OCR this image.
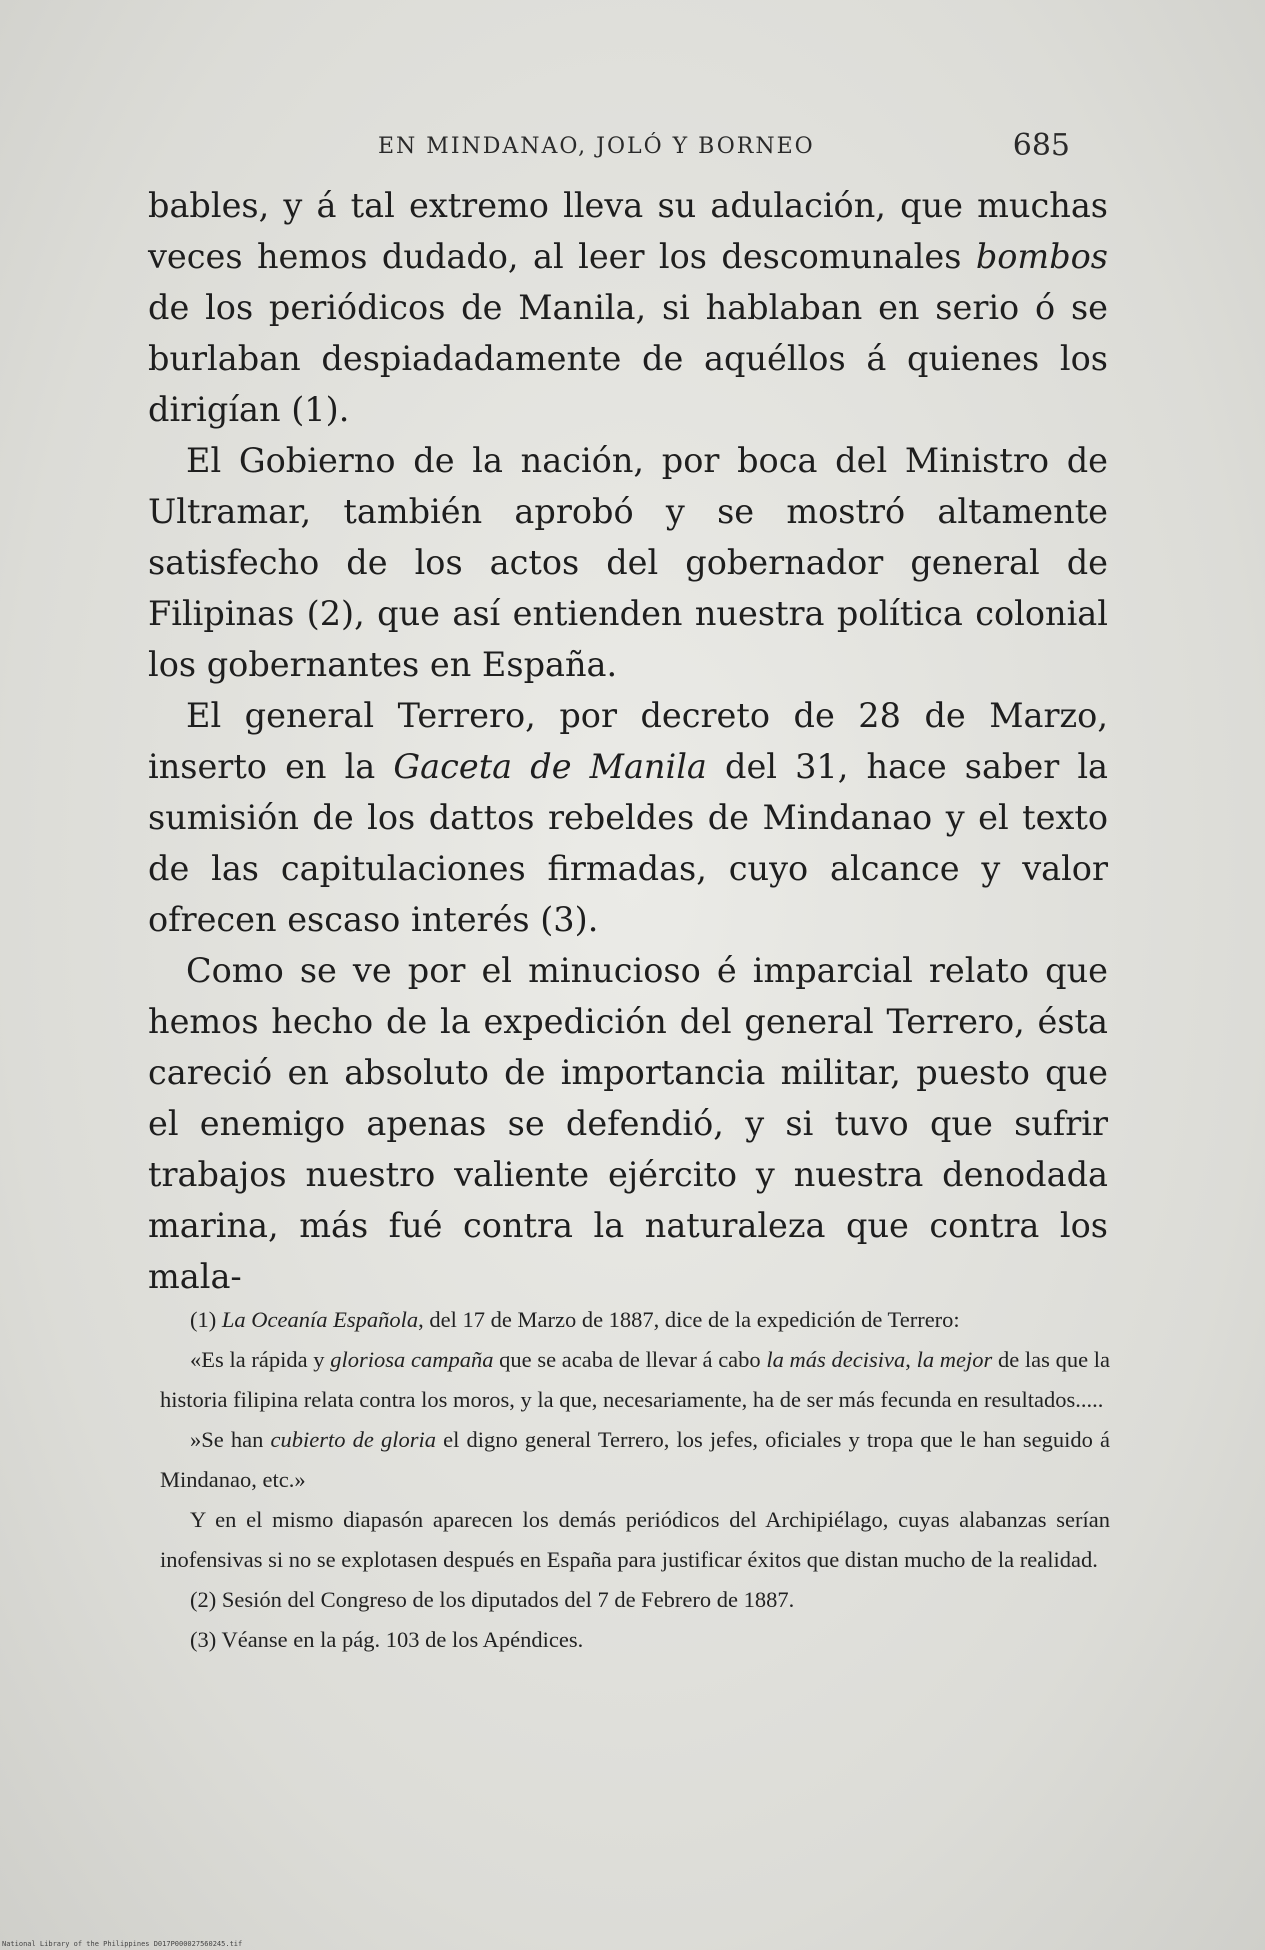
EN MINDANAO, JOLÓ Y BORNEO	685

bables, y á tal extremo lleva su adulación, que muchas veces hemos dudado, al leer los descomunales bombos de los periódicos de Manila, si hablaban en serio ó se burlaban despiadadamente de aquéllos á quienes los dirigían (1).

El Gobierno de la nación, por boca del Ministro de Ultramar, también aprobó y se mostró altamente satisfecho de los actos del gobernador general de Filipinas (2), que así entienden nuestra política colonial los gobernantes en España.

El general Terrero, por decreto de 28 de Marzo, inserto en la Gaceta de Manila del 31, hace saber la sumisión de los dattos rebeldes de Mindanao y el texto de las capitulaciones firmadas, cuyo alcance y valor ofrecen escaso interés (3).

Como se ve por el minucioso é imparcial relato que hemos hecho de la expedición del general Terrero, ésta careció en absoluto de importancia militar, puesto que el enemigo apenas se defendió, y si tuvo que sufrir trabajos nuestro valiente ejército y nuestra denodada marina, más fué contra la naturaleza que contra los mala-

(1) La Oceanía Española, del 17 de Marzo de 1887, dice de la expedición de Terrero:

«Es la rápida y gloriosa campaña que se acaba de llevar á cabo la más decisiva, la mejor de las que la historia filipina relata contra los moros, y la que, necesariamente, ha de ser más fecunda en resultados.....

»Se han cubierto de gloria el digno general Terrero, los jefes, oficiales y tropa que le han seguido á Mindanao, etc.»

Y en el mismo diapasón aparecen los demás periódicos del Archipiélago, cuyas alabanzas serían inofensivas si no se explotasen después en España para justificar éxitos que distan mucho de la realidad.

(2) Sesión del Congreso de los diputados del 7 de Febrero de 1887.

(3) Véanse en la pág. 103 de los Apéndices.

National Library of the Philippines D017P000027560245.tif
